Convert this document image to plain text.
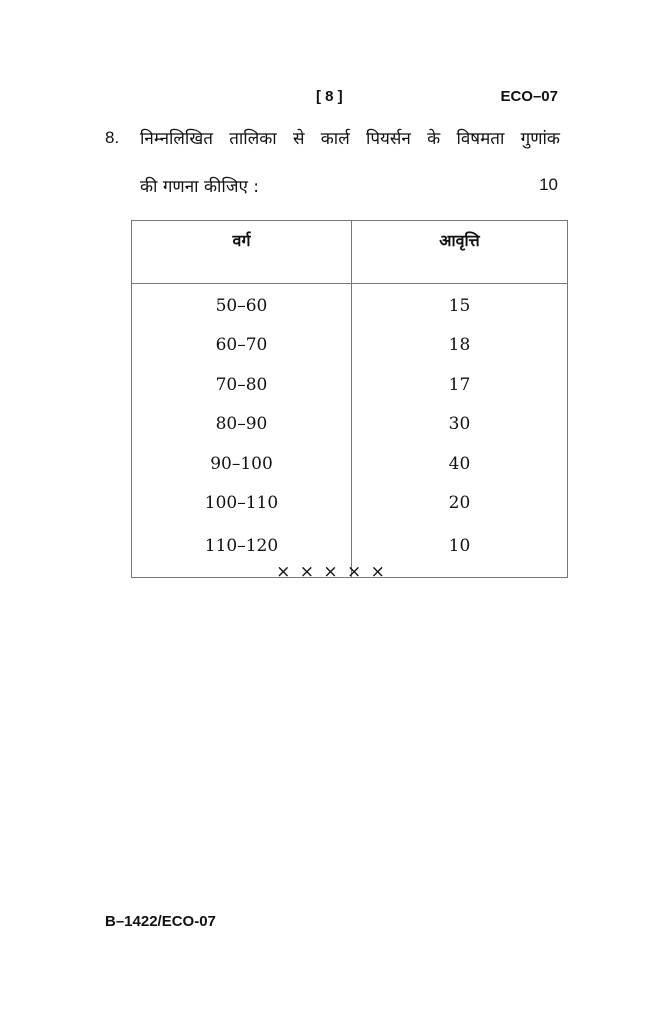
[ 8 ]	ECO–07
8. निम्नलिखित तालिका से कार्ल पियर्सन के विषमता गुणांक
की गणना कीजिए :	10
वर्ग	आवृत्ति
50–60	15
60–70	18
70–80	17
80–90	30
90–100	40
100–110	20
110–120	10
× × × × ×
B–1422/ECO-07
